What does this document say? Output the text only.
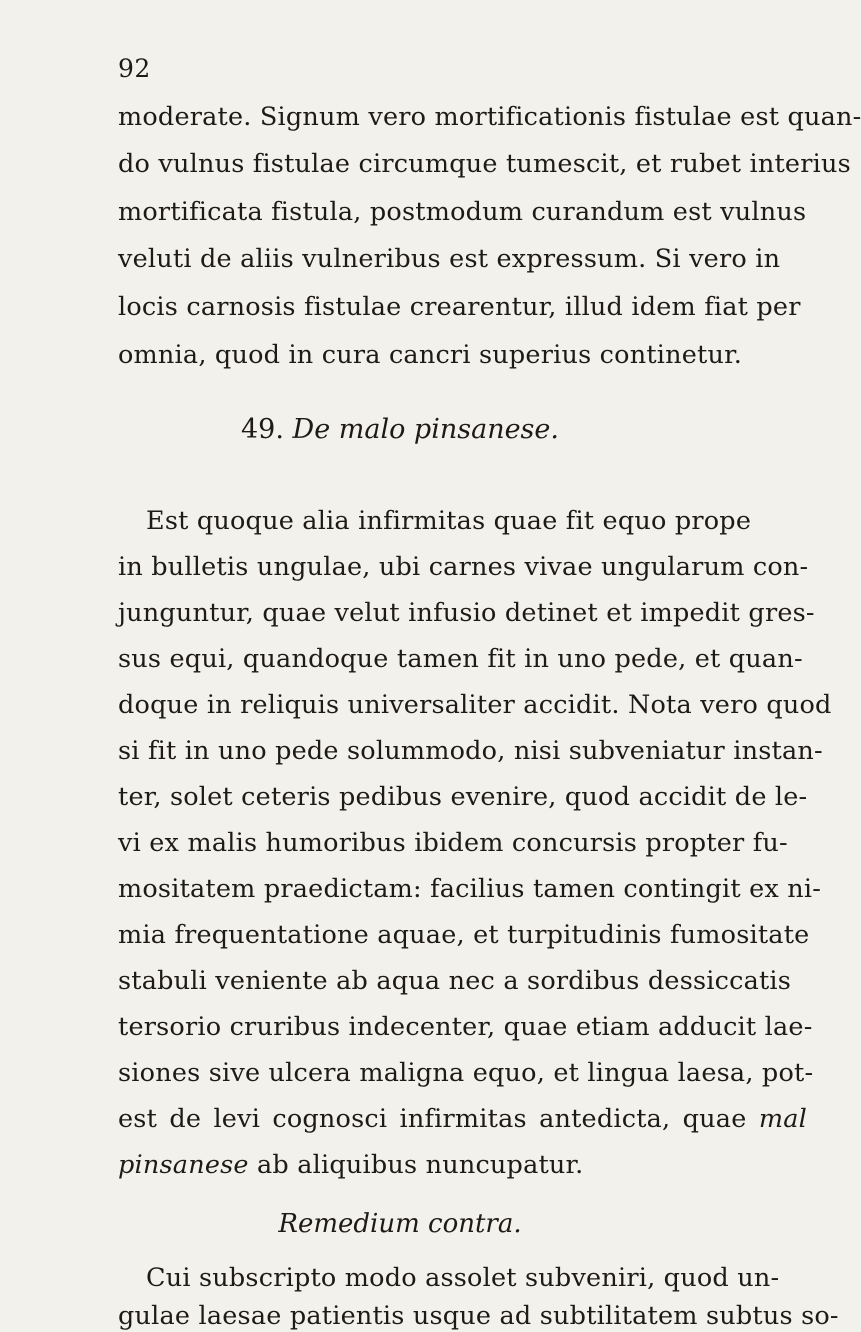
92
moderate. Signum vero mortificationis fistulae est quan-
do vulnus fistulae circumque tumescit, et rubet interius
mortificata fistula, postmodum curandum est vulnus
veluti de aliis vulneribus est expressum. Si vero in
locis carnosis fistulae crearentur, illud idem fiat per
omnia, quod in cura cancri superius continetur.
49. De malo pinsanese.
Est quoque alia infirmitas quae fit equo prope
in bulletis ungulae, ubi carnes vivae ungularum con-
junguntur, quae velut infusio detinet et impedit gres-
sus equi, quandoque tamen fit in uno pede, et quan-
doque in reliquis universaliter accidit. Nota vero quod
si fit in uno pede solummodo, nisi subveniatur instan-
ter, solet ceteris pedibus evenire, quod accidit de le-
vi ex malis humoribus ibidem concursis propter fu-
mositatem praedictam: facilius tamen contingit ex ni-
mia frequentatione aquae, et turpitudinis fumositate
stabuli veniente ab aqua nec a sordibus dessiccatis
tersorio cruribus indecenter, quae etiam adducit lae-
siones sive ulcera maligna equo, et lingua laesa, pot-
est de levi cognosci infirmitas antedicta, quae mal
pinsanese ab aliquibus nuncupatur.
Remedium contra.
Cui subscripto modo assolet subveniri, quod un-
gulae laesae patientis usque ad subtilitatem subtus so-
